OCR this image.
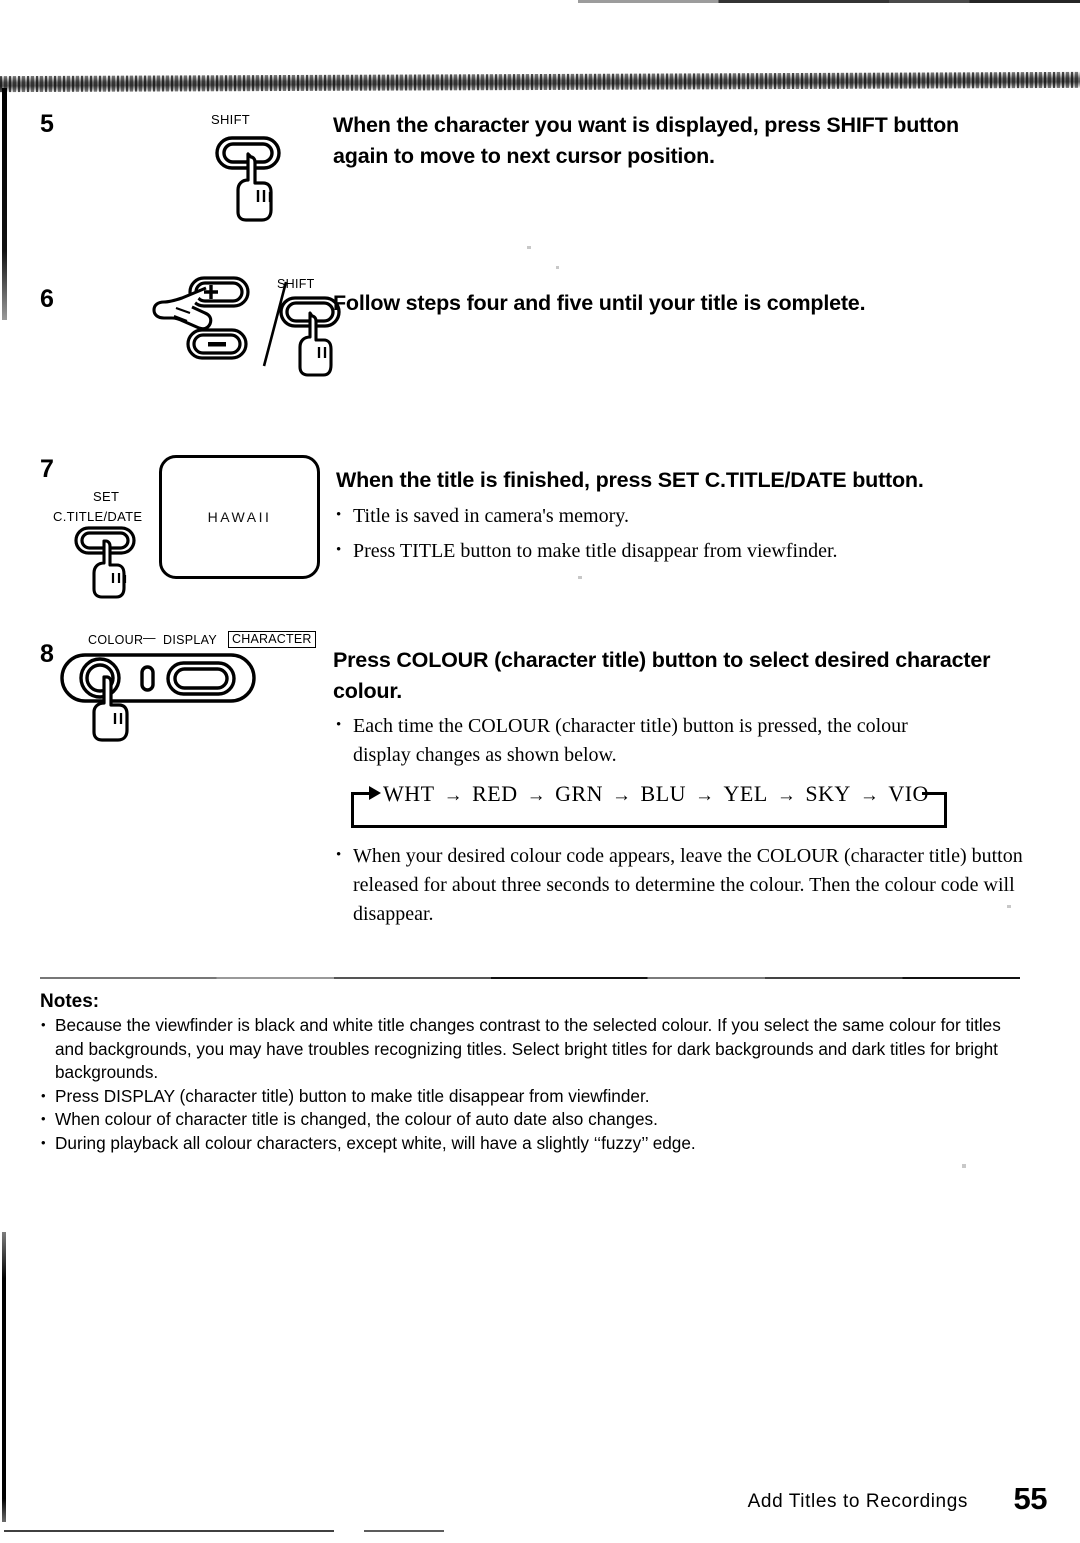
5	SHIFT	When the character you want is displayed, press SHIFT button again to move to next cursor position.
6
SHIFT
Follow steps four and five until your title is complete.
7
SET
C.TITLE/DATE	HAWAII
When the title is finished, press SET C.TITLE/DATE button.
• Title is saved in camera's memory.
• Press TITLE button to make title disappear from viewfinder.
8	COLOUR — DISPLAY	CHARACTER
Press COLOUR (character title) button to select desired character colour.
• Each time the COLOUR (character title) button is pressed, the colour display changes as shown below.
WHT → RED → GRN → BLU → YEL → SKY → VIO
• When your desired colour code appears, leave the COLOUR (character title) button released for about three seconds to determine the colour. Then the colour code will disappear.
Notes:
• Because the viewfinder is black and white title changes contrast to the selected colour. If you select the same colour for titles and backgrounds, you may have troubles recognizing titles. Select bright titles for dark backgrounds and dark titles for bright backgrounds.
• Press DISPLAY (character title) button to make title disappear from viewfinder.
• When colour of character title is changed, the colour of auto date also changes.
• During playback all colour characters, except white, will have a slightly ‘‘fuzzy’’ edge.
Add Titles to Recordings 55
